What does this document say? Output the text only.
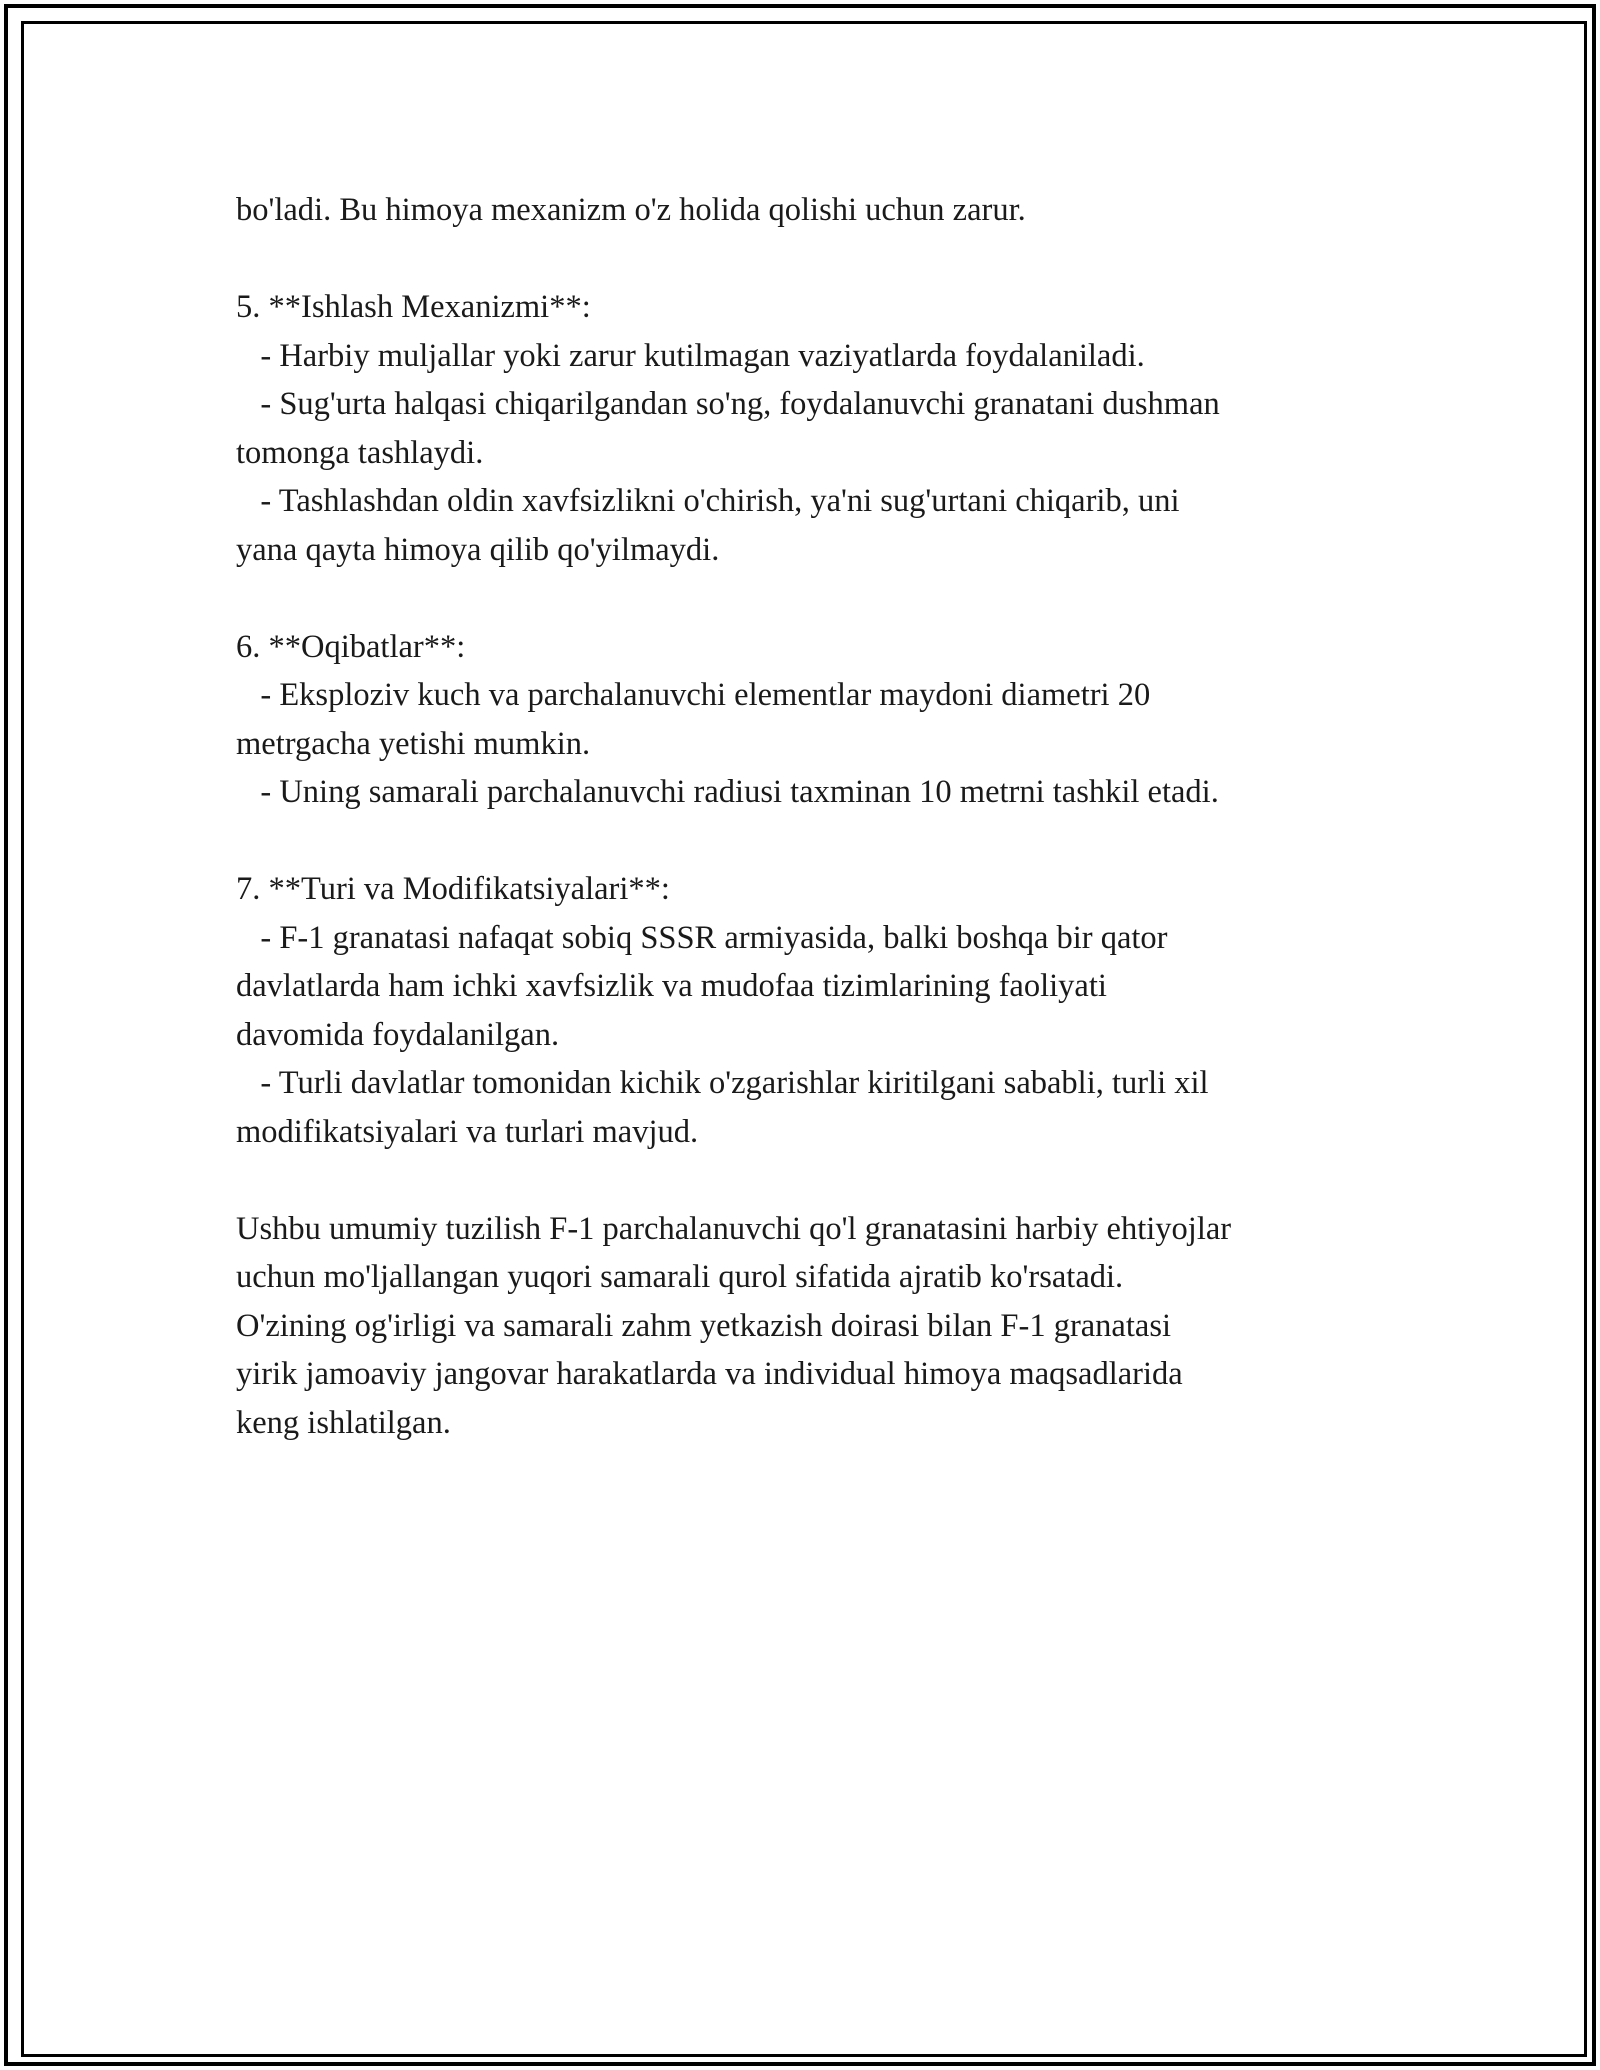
bo'ladi. Bu himoya mexanizm o'z holida qolishi uchun zarur.
5. **Ishlash Mexanizmi**:
- Harbiy muljallar yoki zarur kutilmagan vaziyatlarda foydalaniladi.
- Sug'urta halqasi chiqarilgandan so'ng, foydalanuvchi granatani dushman
tomonga tashlaydi.
- Tashlashdan oldin xavfsizlikni o'chirish, ya'ni sug'urtani chiqarib, uni
yana qayta himoya qilib qo'yilmaydi.
6. **Oqibatlar**:
- Eksploziv kuch va parchalanuvchi elementlar maydoni diametri 20
metrgacha yetishi mumkin.
- Uning samarali parchalanuvchi radiusi taxminan 10 metrni tashkil etadi.
7. **Turi va Modifikatsiyalari**:
- F-1 granatasi nafaqat sobiq SSSR armiyasida, balki boshqa bir qator
davlatlarda ham ichki xavfsizlik va mudofaa tizimlarining faoliyati
davomida foydalanilgan.
- Turli davlatlar tomonidan kichik o'zgarishlar kiritilgani sababli, turli xil
modifikatsiyalari va turlari mavjud.
Ushbu umumiy tuzilish F-1 parchalanuvchi qo'l granatasini harbiy ehtiyojlar
uchun mo'ljallangan yuqori samarali qurol sifatida ajratib ko'rsatadi.
O'zining og'irligi va samarali zahm yetkazish doirasi bilan F-1 granatasi
yirik jamoaviy jangovar harakatlarda va individual himoya maqsadlarida
keng ishlatilgan.
